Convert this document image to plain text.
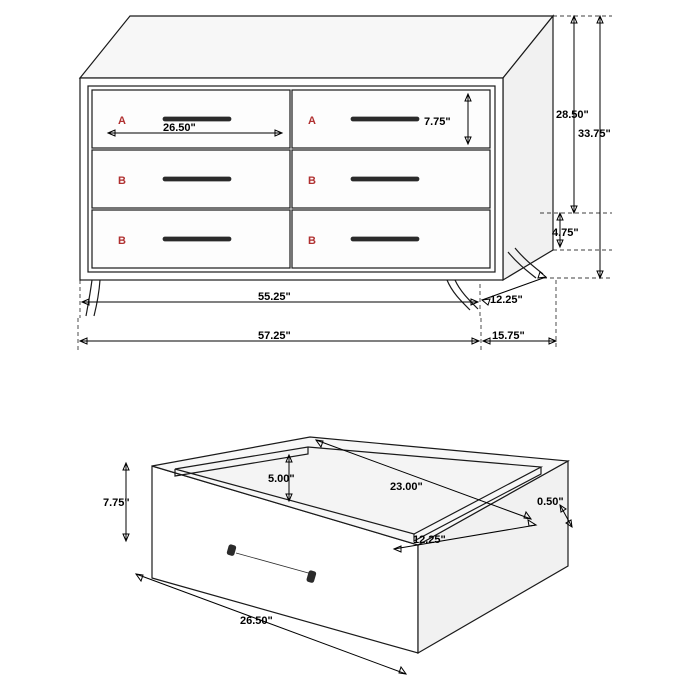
A	A
B	B
B	B
26.50"	7.75"
28.50"
33.75"
4.75"
55.25"	12.25"
57.25"	15.75"
7.75"
5.00"
23.00"
12.25"
0.50"
26.50"
